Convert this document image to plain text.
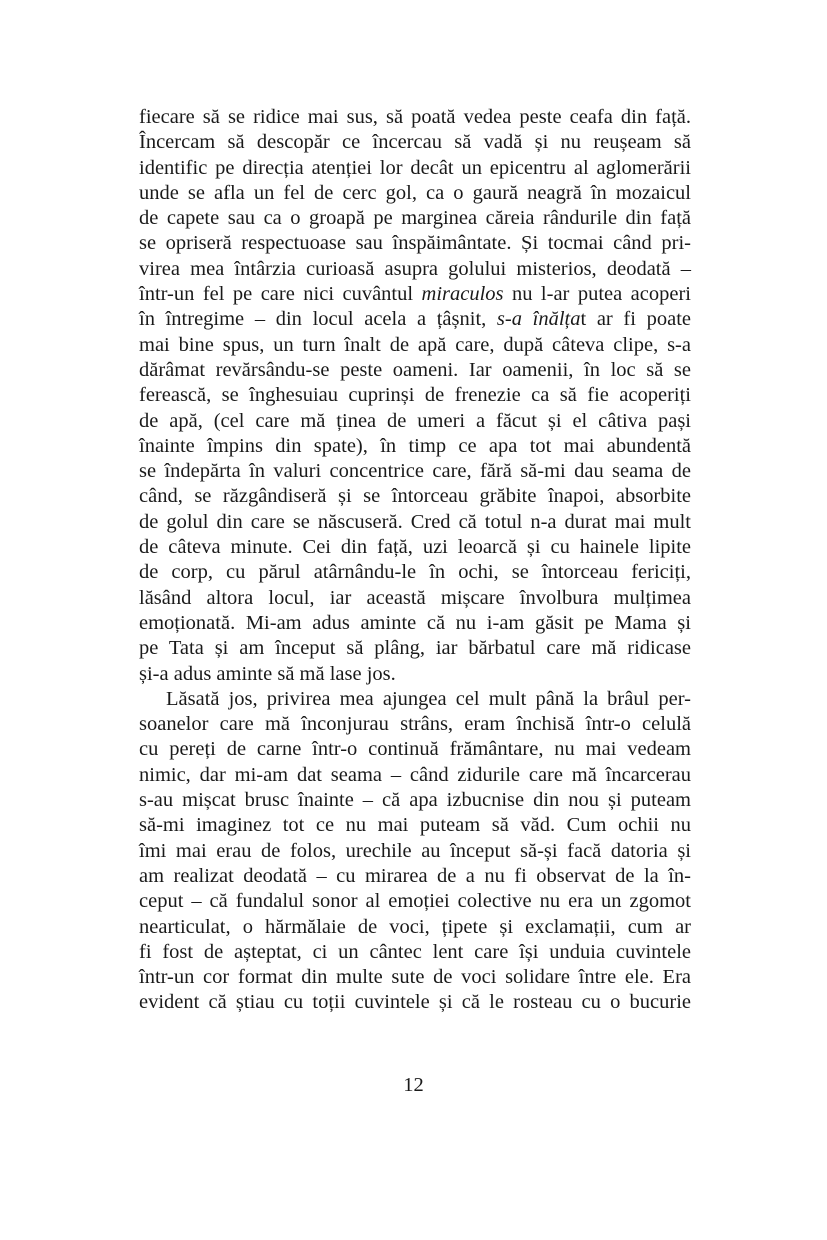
fiecare să se ridice mai sus, să poată vedea peste ceafa din față.
Încercam să descopăr ce încercau să vadă și nu reușeam să
identific pe direcția atenției lor decât un epicentru al aglomerării
unde se afla un fel de cerc gol, ca o gaură neagră în mozaicul
de capete sau ca o groapă pe marginea căreia rândurile din față
se opriseră respectuoase sau înspăimântate. Și tocmai când pri-
virea mea întârzia curioasă asupra golului misterios, deodată –
într-un fel pe care nici cuvântul miraculos nu l-ar putea acoperi
în întregime – din locul acela a țâșnit, s-a înălțat ar fi poate
mai bine spus, un turn înalt de apă care, după câteva clipe, s-a
dărâmat revărsându-se peste oameni. Iar oamenii, în loc să se
ferească, se înghesuiau cuprinși de frenezie ca să fie acoperiți
de apă, (cel care mă ținea de umeri a făcut și el câtiva pași
înainte împins din spate), în timp ce apa tot mai abundentă
se îndepărta în valuri concentrice care, fără să-mi dau seama de
când, se răzgândiseră și se întorceau grăbite înapoi, absorbite
de golul din care se născuseră. Cred că totul n-a durat mai mult
de câteva minute. Cei din față, uzi leoarcă și cu hainele lipite
de corp, cu părul atârnându-le în ochi, se întorceau fericiți,
lăsând altora locul, iar această mișcare învolbura mulțimea
emoționată. Mi-am adus aminte că nu i-am găsit pe Mama și
pe Tata și am început să plâng, iar bărbatul care mă ridicase
și-a adus aminte să mă lase jos.
Lăsată jos, privirea mea ajungea cel mult până la brâul per-
soanelor care mă înconjurau strâns, eram închisă într-o celulă
cu pereți de carne într-o continuă frământare, nu mai vedeam
nimic, dar mi-am dat seama – când zidurile care mă încarcerau
s-au mișcat brusc înainte – că apa izbucnise din nou și puteam
să-mi imaginez tot ce nu mai puteam să văd. Cum ochii nu
îmi mai erau de folos, urechile au început să-și facă datoria și
am realizat deodată – cu mirarea de a nu fi observat de la în-
ceput – că fundalul sonor al emoției colective nu era un zgomot
nearticulat, o hărmălaie de voci, țipete și exclamații, cum ar
fi fost de așteptat, ci un cântec lent care își unduia cuvintele
într-un cor format din multe sute de voci solidare între ele. Era
evident că știau cu toții cuvintele și că le rosteau cu o bucurie
12
